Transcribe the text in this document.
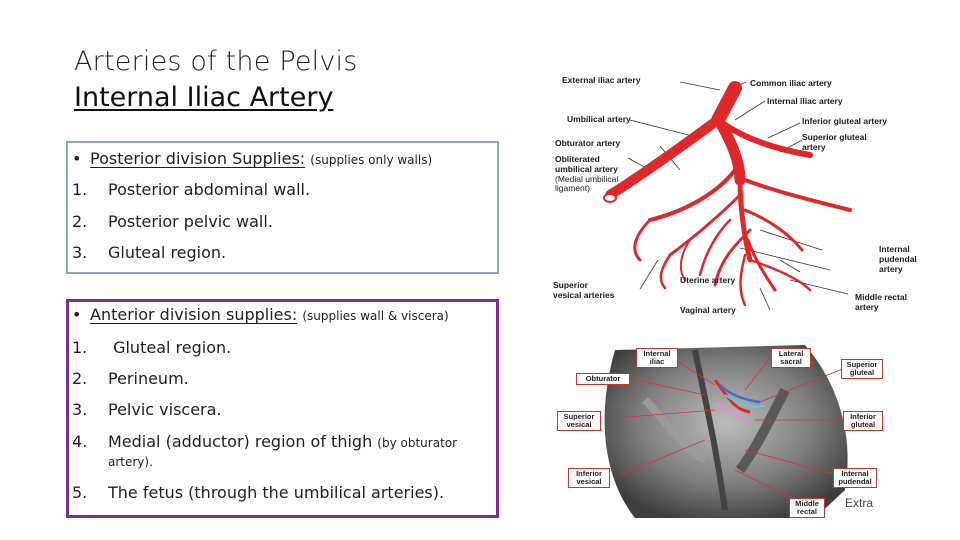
Arteries of the Pelvis
Internal Iliac Artery
• Posterior division Supplies: (supplies only walls)
1. Posterior abdominal wall.
2. Posterior pelvic wall.
3. Gluteal region.
• Anterior division supplies: (supplies wall & viscera)
1. Gluteal region.
2. Perineum.
3. Pelvic viscera.
4. Medial (adductor) region of thigh (by obturator
artery).
5. The fetus (through the umbilical arteries).
External iliac artery	Common iliac artery
Internal iliac artery
Umbilical artery	Inferior gluteal artery
Superior gluteal
artery
Obturator artery
Obliterated
umbilical artery
(Medial umbilical
ligament)
Internal
pudendal
artery
Uterine artery
Superior
vesical arteries	Middle rectal
artery
Vaginal artery
Internal iliac
Lateral sacral	Superior gluteal
Obturator
Superior vesical
Inferior gluteal
Inferior vesical
Internal pudendal
Middle rectal
Extra
